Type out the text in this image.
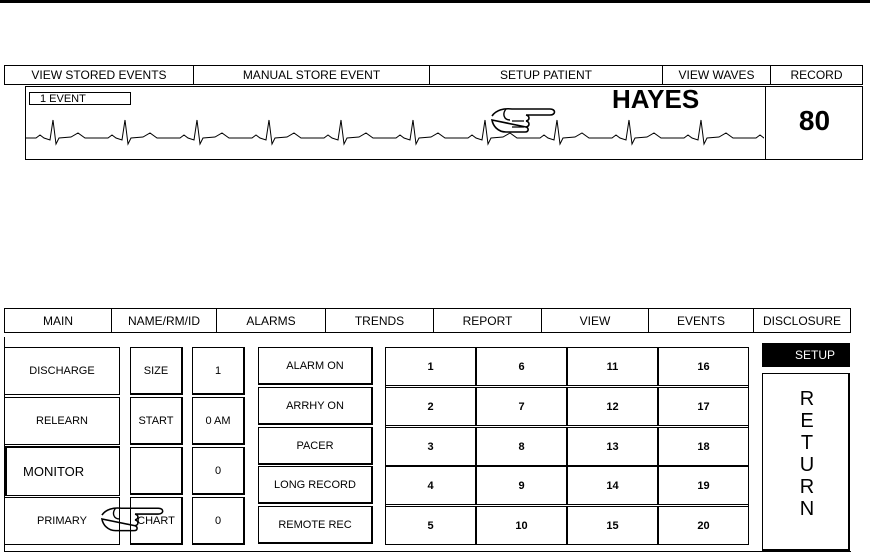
VIEW STORED EVENTS	MANUAL STORE EVENT	SETUP PATIENT	VIEW WAVES	RECORD
1 EVENT	HAYES
80
MAIN	NAME/RM/ID	ALARMS	TRENDS	REPORT	VIEW	EVENTS	DISCLOSURE
DISCHARGE
RELEARN
MONITOR
PRIMARY
SIZE
START
CHART
1
0 AM
0
0
ALARM ON
ARRHY ON
PACER
LONG RECORD
REMOTE REC
1	6	11	16
2	7	12	17
3	8	13	18
4	9	14	19
5	10	15	20
SETUP
R
E
T
U
R
N
